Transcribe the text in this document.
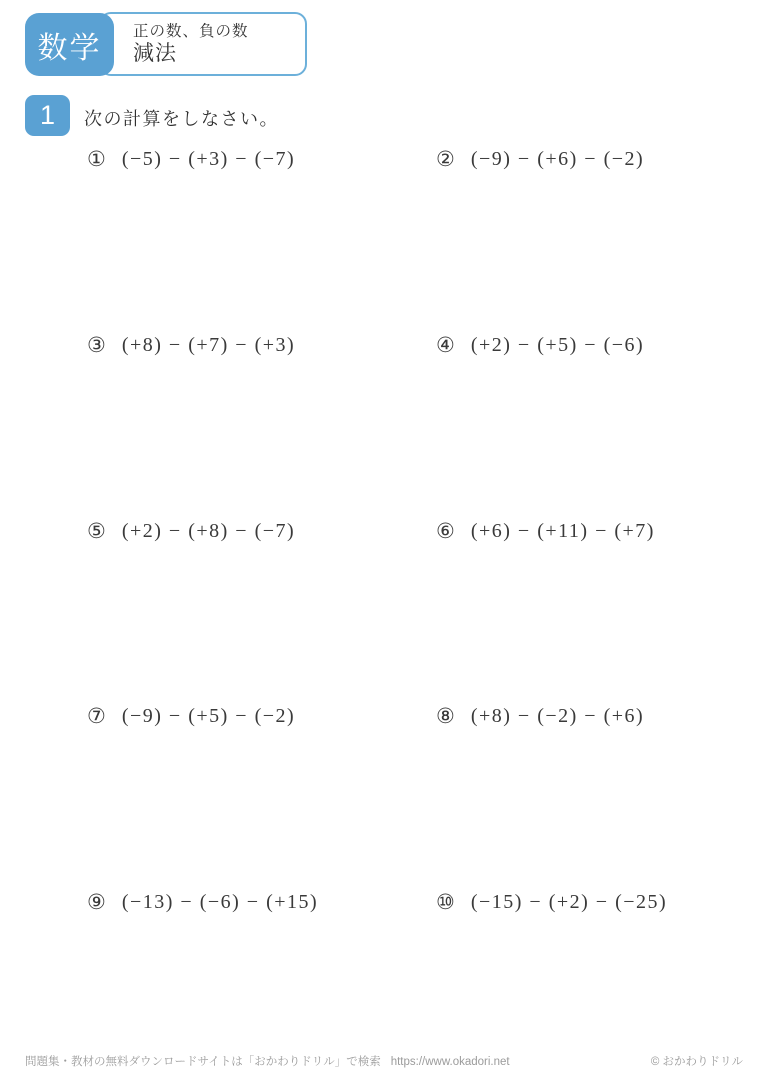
正の数、負の数
減法
数学
1 次の計算をしなさい。
① (−5) − (+3) − (−7)	② (−9) − (+6) − (−2)
③ (+8) − (+7) − (+3)	④ (+2) − (+5) − (−6)
⑤ (+2) − (+8) − (−7)	⑥ (+6) − (+11) − (+7)
⑦ (−9) − (+5) − (−2)	⑧ (+8) − (−2) − (+6)
⑨ (−13) − (−6) − (+15)	⑩ (−15) − (+2) − (−25)
問題集・教材の無料ダウンロードサイトは「おかわりドリル」で検索 https://www.okadori.net	© おかわりドリル
